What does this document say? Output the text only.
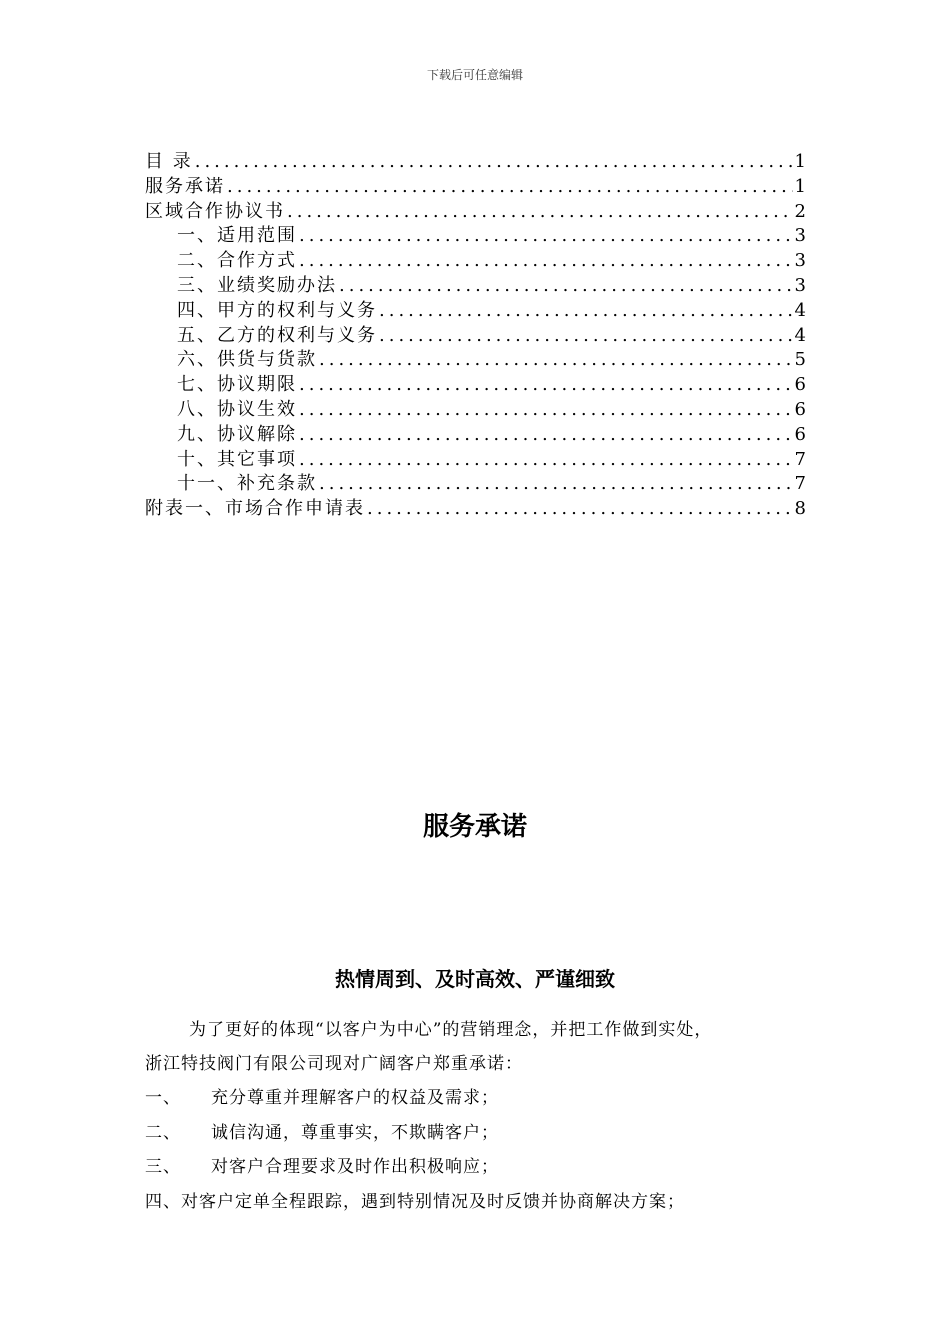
下载后可任意编辑
目 录 .....	1
服务承诺 .....	1
区域合作协议书 .....	2
一、适用范围 .....	3
二、合作方式 .....	3
三、业绩奖励办法 .....	3
四、甲方的权利与义务 .....	4
五、乙方的权利与义务 .....	4
六、供货与货款 .....	5
七、协议期限 .....	6
八、协议生效 .....	6
九、协议解除 .....	6
十、其它事项 .....	7
十一、补充条款 .....	7
附表一、市场合作申请表 .....	8
服务承诺
热情周到、及时高效、严谨细致
为了更好的体现“以客户为中心”的营销理念，并把工作做到实处，
浙江特技阀门有限公司现对广阔客户郑重承诺：
一、	充分尊重并理解客户的权益及需求；
二、	诚信沟通，尊重事实，不欺瞒客户；
三、	对客户合理要求及时作出积极响应；
四、 对客户定单全程跟踪，遇到特别情况及时反馈并协商解决方案；
